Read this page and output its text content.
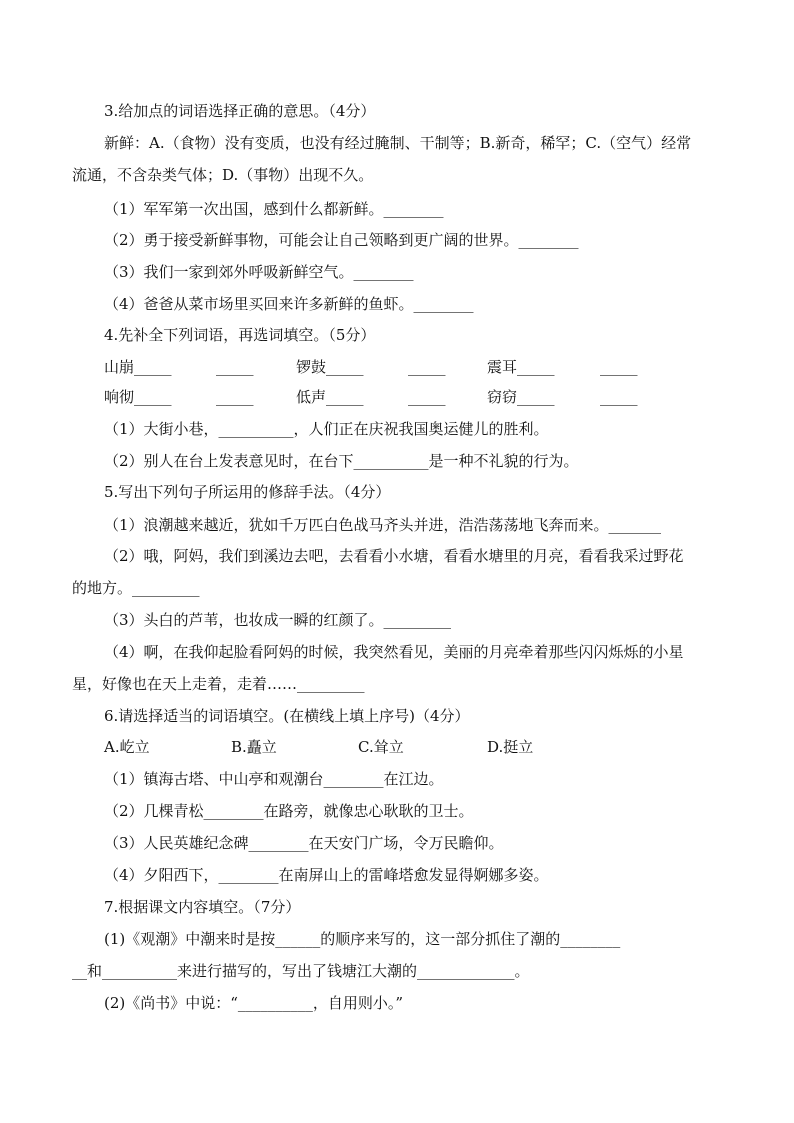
3.给加点的词语选择正确的意思。（4分）
新鲜：A.（食物）没有变质，也没有经过腌制、干制等；B.新奇，稀罕；C.（空气）经常
流通，不含杂类气体；D.（事物）出现不久。
（1）军军第一次出国，感到什么都新鲜。________
（2）勇于接受新鲜事物，可能会让自己领略到更广阔的世界。________
（3）我们一家到郊外呼吸新鲜空气。________
（4）爸爸从菜市场里买回来许多新鲜的鱼虾。________
4.先补全下列词语，再选词填空。（5分）
山崩_____	_____	锣鼓_____	_____	震耳_____	_____
响彻_____	_____	低声_____	_____	窃窃_____	_____
（1）大街小巷，__________，人们正在庆祝我国奥运健儿的胜利。
（2）别人在台上发表意见时，在台下__________是一种不礼貌的行为。
5.写出下列句子所运用的修辞手法。（4分）
（1）浪潮越来越近，犹如千万匹白色战马齐头并进，浩浩荡荡地飞奔而来。_______
（2）哦，阿妈，我们到溪边去吧，去看看小水塘，看看水塘里的月亮，看看我采过野花
的地方。_________
（3）头白的芦苇，也妆成一瞬的红颜了。_________
（4）啊，在我仰起脸看阿妈的时候，我突然看见，美丽的月亮牵着那些闪闪烁烁的小星
星，好像也在天上走着，走着……_________
6.请选择适当的词语填空。(在横线上填上序号)（4分）
A.屹立	B.矗立	C.耸立	D.挺立
（1）镇海古塔、中山亭和观潮台________在江边。
（2）几棵青松________在路旁，就像忠心耿耿的卫士。
（3）人民英雄纪念碑________在天安门广场，令万民瞻仰。
（4）夕阳西下，________在南屏山上的雷峰塔愈发显得婀娜多姿。
7.根据课文内容填空。（7分）
(1)《观潮》中潮来时是按______的顺序来写的，这一部分抓住了潮的________
__和__________来进行描写的，写出了钱塘江大潮的_____________。
(2)《尚书》中说：“__________，自用则小。”
